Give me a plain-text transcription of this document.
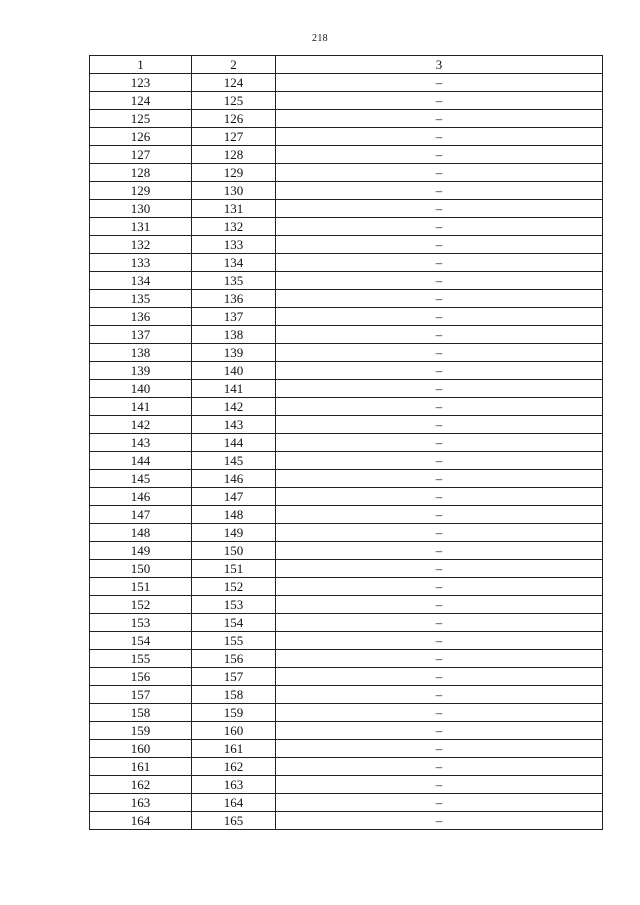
218
1	2	3
123	124	–
124	125	–
125	126	–
126	127	–
127	128	–
128	129	–
129	130	–
130	131	–
131	132	–
132	133	–
133	134	–
134	135	–
135	136	–
136	137	–
137	138	–
138	139	–
139	140	–
140	141	–
141	142	–
142	143	–
143	144	–
144	145	–
145	146	–
146	147	–
147	148	–
148	149	–
149	150	–
150	151	–
151	152	–
152	153	–
153	154	–
154	155	–
155	156	–
156	157	–
157	158	–
158	159	–
159	160	–
160	161	–
161	162	–
162	163	–
163	164	–
164	165	–
